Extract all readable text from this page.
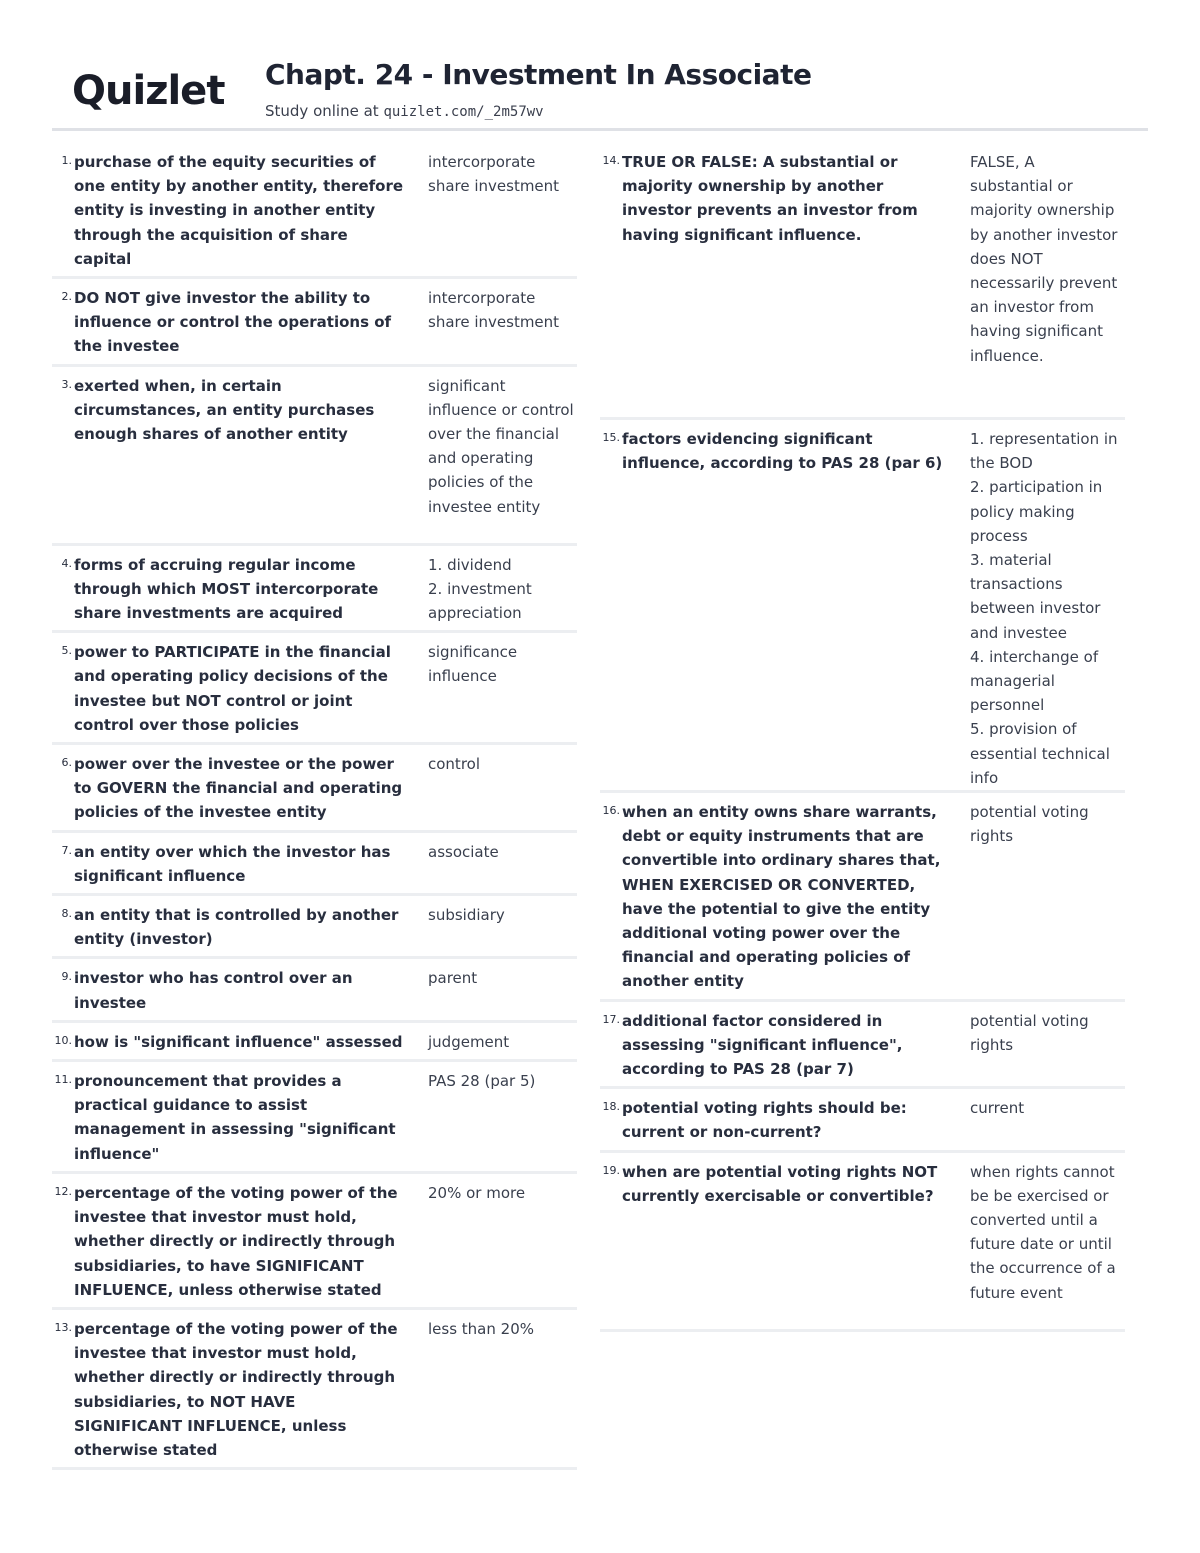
Quizlet Chapt. 24 - Investment In Associate
Study online at quizlet.com/_2m57wv
1. purchase of the equity securities of one entity by another entity, therefore entity is investing in another entity through the acquisition of share capital
intercorporate share investment
2. DO NOT give investor the ability to influence or control the operations of the investee
intercorporate share investment
3. exerted when, in certain circumstances, an entity purchases enough shares of another entity
significant influence or control over the financial and operating policies of the investee entity
4. forms of accruing regular income through which MOST intercorporate share investments are acquired
1. dividend
2. investment appreciation
5. power to PARTICIPATE in the financial and operating policy decisions of the investee but NOT control or joint control over those policies
significance influence
6. power over the investee or the power to GOVERN the financial and operating policies of the investee entity
control
7. an entity over which the investor has significant influence
associate
8. an entity that is controlled by another entity (investor)
subsidiary
9. investor who has control over an investee
parent
10. how is "significant influence" assessed judgement
11. pronouncement that provides a practical guidance to assist management in assessing "significant influence"
PAS 28 (par 5)
12. percentage of the voting power of the investee that investor must hold, whether directly or indirectly through subsidiaries, to have SIGNIFICANT INFLUENCE, unless otherwise stated
20% or more
13. percentage of the voting power of the investee that investor must hold, whether directly or indirectly through subsidiaries, to NOT HAVE SIGNIFICANT INFLUENCE, unless otherwise stated
less than 20%
14. TRUE OR FALSE: A substantial or majority ownership by another investor prevents an investor from having significant influence.
FALSE, A substantial or majority ownership by another investor does NOT necessarily prevent an investor from having significant influence.
15. factors evidencing significant influence, according to PAS 28 (par 6)
1. representation in the BOD
2. participation in policy making process
3. material transactions between investor and investee
4. interchange of managerial personnel
5. provision of essential technical info
16. when an entity owns share warrants, debt or equity instruments that are convertible into ordinary shares that, WHEN EXERCISED OR CONVERTED, have the potential to give the entity additional voting power over the financial and operating policies of another entity
potential voting rights
17. additional factor considered in assessing "significant influence", according to PAS 28 (par 7)
potential voting rights
18. potential voting rights should be: current or non-current?
current
19. when are potential voting rights NOT currently exercisable or convertible?
when rights cannot be be exercised or converted until a future date or until the occurrence of a future event
